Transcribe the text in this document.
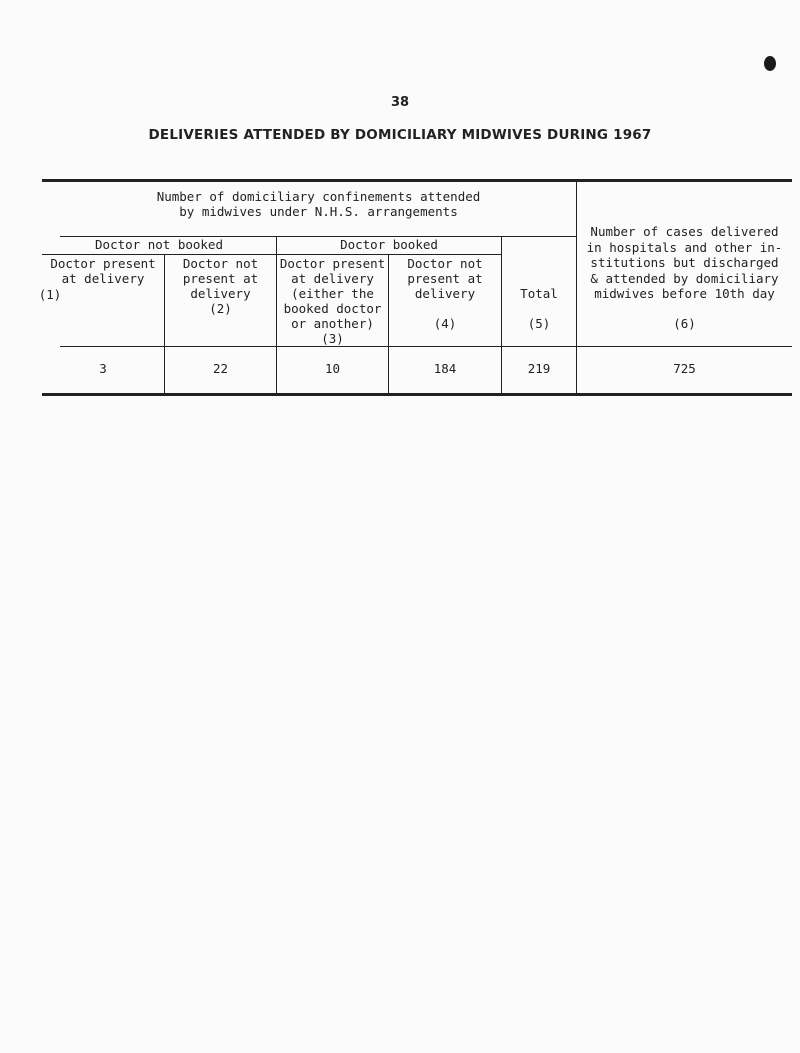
38
DELIVERIES ATTENDED BY DOMICILIARY MIDWIVES DURING 1967
Number of domiciliary confinements attended
by midwives under N.H.S. arrangements
Doctor not booked	Doctor booked
Doctor present
at delivery
(1)
Doctor not
present at
delivery
(2)
Doctor present
at delivery
(either the
booked doctor
or another)
(3)
Doctor not
present at
delivery
(4)
Total
(5)
Number of cases delivered
in hospitals and other in-
stitutions but discharged
& attended by domiciliary
midwives before 10th day
(6)
3	22	10	184	219	725
